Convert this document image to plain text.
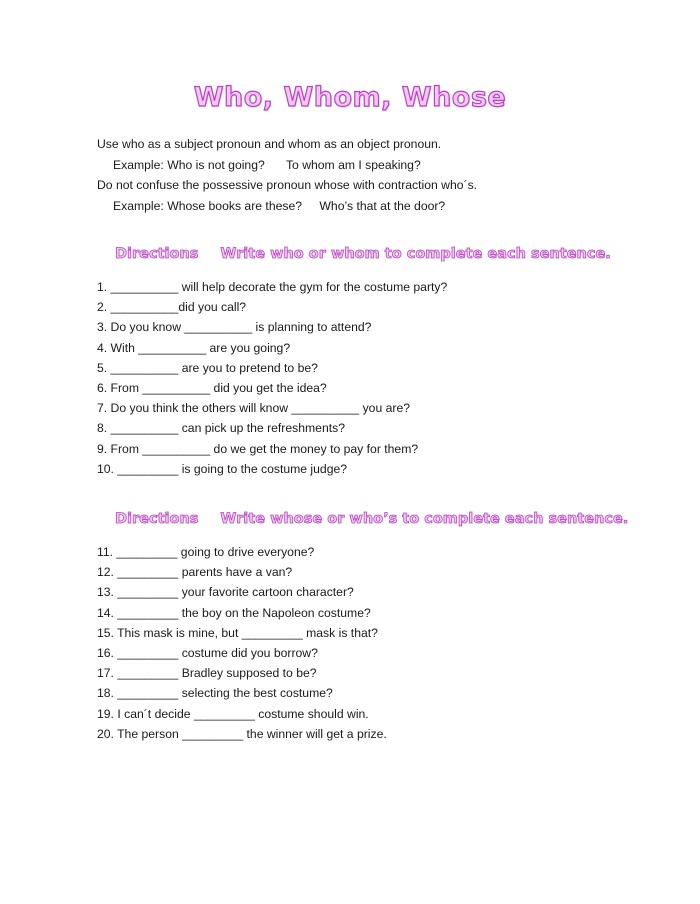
Who, Whom, Whose
Use who as a subject pronoun and whom as an object pronoun.
Example: Who is not going? To whom am I speaking?
Do not confuse the possessive pronoun whose with contraction who´s.
Example: Whose books are these? Who’s that at the door?
Directions Write who or whom to complete each sentence.
1. __________ will help decorate the gym for the costume party?
2. __________did you call?
3. Do you know __________ is planning to attend?
4. With __________ are you going?
5. __________ are you to pretend to be?
6. From __________ did you get the idea?
7. Do you think the others will know __________ you are?
8. __________ can pick up the refreshments?
9. From __________ do we get the money to pay for them?
10. _________ is going to the costume judge?
Directions Write whose or who’s to complete each sentence.
11. _________ going to drive everyone?
12. _________ parents have a van?
13. _________ your favorite cartoon character?
14. _________ the boy on the Napoleon costume?
15. This mask is mine, but _________ mask is that?
16. _________ costume did you borrow?
17. _________ Bradley supposed to be?
18. _________ selecting the best costume?
19. I can´t decide _________ costume should win.
20. The person _________ the winner will get a prize.
